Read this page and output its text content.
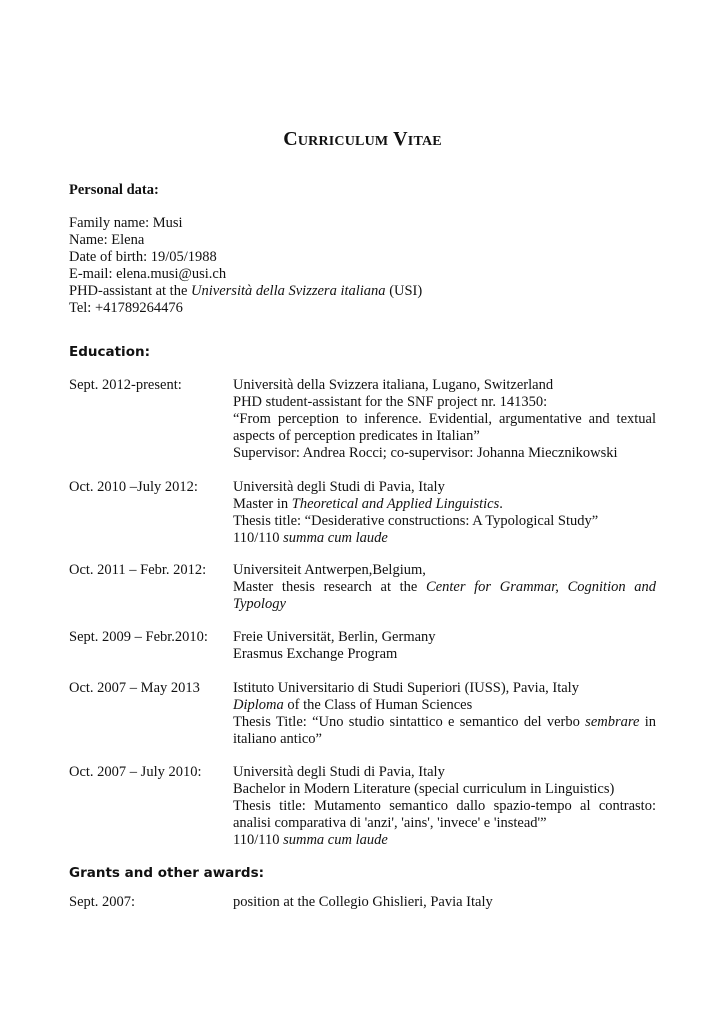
Curriculum Vitae
Personal data:
Family name: Musi
Name: Elena
Date of birth: 19/05/1988
E-mail: elena.musi@usi.ch
PHD-assistant at the Università della Svizzera italiana (USI)
Tel: +41789264476
Education:
Sept. 2012-present:	Università della Svizzera italiana, Lugano, Switzerland
PHD student-assistant for the SNF project nr. 141350:
“From perception to inference. Evidential, argumentative and textual aspects of perception predicates in Italian”
Supervisor: Andrea Rocci; co-supervisor: Johanna Miecznikowski
Oct. 2010 –July 2012:	Università degli Studi di Pavia, Italy
Master in Theoretical and Applied Linguistics.
Thesis title: “Desiderative constructions: A Typological Study”
110/110 summa cum laude
Oct. 2011 – Febr. 2012:	Universiteit Antwerpen,Belgium,
Master thesis research at the Center for Grammar, Cognition and Typology
Sept. 2009 – Febr.2010:	Freie Universität, Berlin, Germany
Erasmus Exchange Program
Oct. 2007 – May 2013	Istituto Universitario di Studi Superiori (IUSS), Pavia, Italy
Diploma of the Class of Human Sciences
Thesis Title: “Uno studio sintattico e semantico del verbo sembrare in italiano antico”
Oct. 2007 – July 2010:	Università degli Studi di Pavia, Italy
Bachelor in Modern Literature (special curriculum in Linguistics)
Thesis title: Mutamento semantico dallo spazio-tempo al contrasto: analisi comparativa di 'anzi', 'ains', 'invece' e 'instead'”
110/110 summa cum laude
Grants and other awards:
Sept. 2007:	position at the Collegio Ghislieri, Pavia Italy
